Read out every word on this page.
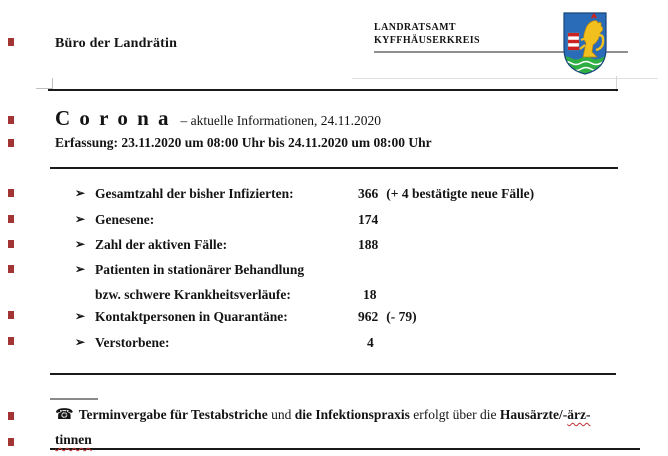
Büro der Landrätin
LANDRATSAMT
KYFFHÄUSERKREIS
C o r o n a – aktuelle Informationen, 24.11.2020
Erfassung: 23.11.2020 um 08:00 Uhr bis 24.11.2020 um 08:00 Uhr
➢ Gesamtzahl der bisher Infizierten:	366 (+ 4 bestätigte neue Fälle)
➢ Genesene:	174
➢ Zahl der aktiven Fälle:	188
➢ Patienten in stationärer Behandlung
bzw. schwere Krankheitsverläufe:	18
➢ Kontaktpersonen in Quarantäne:	962 (- 79)
➢ Verstorbene:	4
☎ Terminvergabe für Testabstriche und die Infektionspraxis erfolgt über die Hausärzte/-ärz-
tinnen
